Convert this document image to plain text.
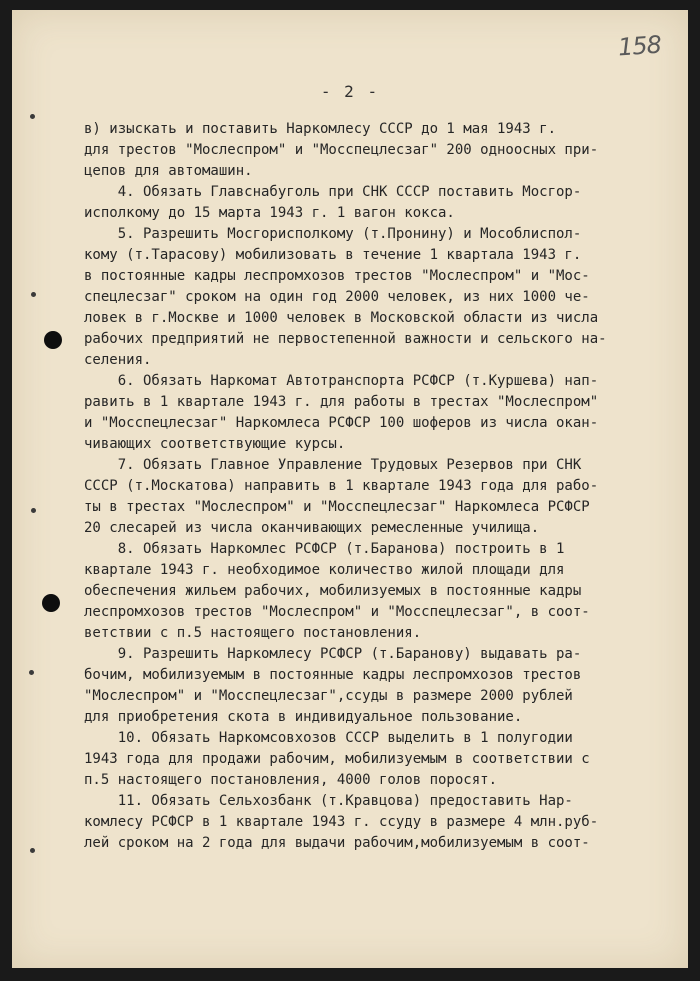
158
- 2 -
в) изыскать и поставить Наркомлесу СССР до 1 мая 1943 г.
для трестов "Мослеспром" и "Мосспецлесзаг" 200 одноосных при-
цепов для автомашин.
4. Обязать Главснабуголь при СНК СССР поставить Мосгор-
исполкому до 15 марта 1943 г. 1 вагон кокса.
5. Разрешить Мосгорисполкому (т.Пронину) и Мособлиспол-
кому (т.Тарасову) мобилизовать в течение 1 квартала 1943 г.
в постоянные кадры леспромхозов трестов "Мослеспром" и "Мос-
спецлесзаг" сроком на один год 2000 человек, из них 1000 че-
ловек в г.Москве и 1000 человек в Московской области из числа
рабочих предприятий не первостепенной важности и сельского на-
селения.
6. Обязать Наркомат Автотранспорта РСФСР (т.Куршева) нап-
равить в 1 квартале 1943 г. для работы в трестах "Мослеспром"
и "Мосспецлесзаг" Наркомлеса РСФСР 100 шоферов из числа окан-
чивающих соответствующие курсы.
7. Обязать Главное Управление Трудовых Резервов при СНК
СССР (т.Москатова) направить в 1 квартале 1943 года для рабо-
ты в трестах "Мослеспром" и "Мосспецлесзаг" Наркомлеса РСФСР
20 слесарей из числа оканчивающих ремесленные училища.
8. Обязать Наркомлес РСФСР (т.Баранова) построить в 1
квартале 1943 г. необходимое количество жилой площади для
обеспечения жильем рабочих, мобилизуемых в постоянные кадры
леспромхозов трестов "Мослеспром" и "Мосспецлесзаг", в соот-
ветствии с п.5 настоящего постановления.
9. Разрешить Наркомлесу РСФСР (т.Баранову) выдавать ра-
бочим, мобилизуемым в постоянные кадры леспромхозов трестов
"Мослеспром" и "Мосспецлесзаг",ссуды в размере 2000 рублей
для приобретения скота в индивидуальное пользование.
10. Обязать Наркомсовхозов СССР выделить в 1 полугодии
1943 года для продажи рабочим, мобилизуемым в соответствии с
п.5 настоящего постановления, 4000 голов поросят.
11. Обязать Сельхозбанк (т.Кравцова) предоставить Нар-
комлесу РСФСР в 1 квартале 1943 г. ссуду в размере 4 млн.руб-
лей сроком на 2 года для выдачи рабочим,мобилизуемым в соот-
